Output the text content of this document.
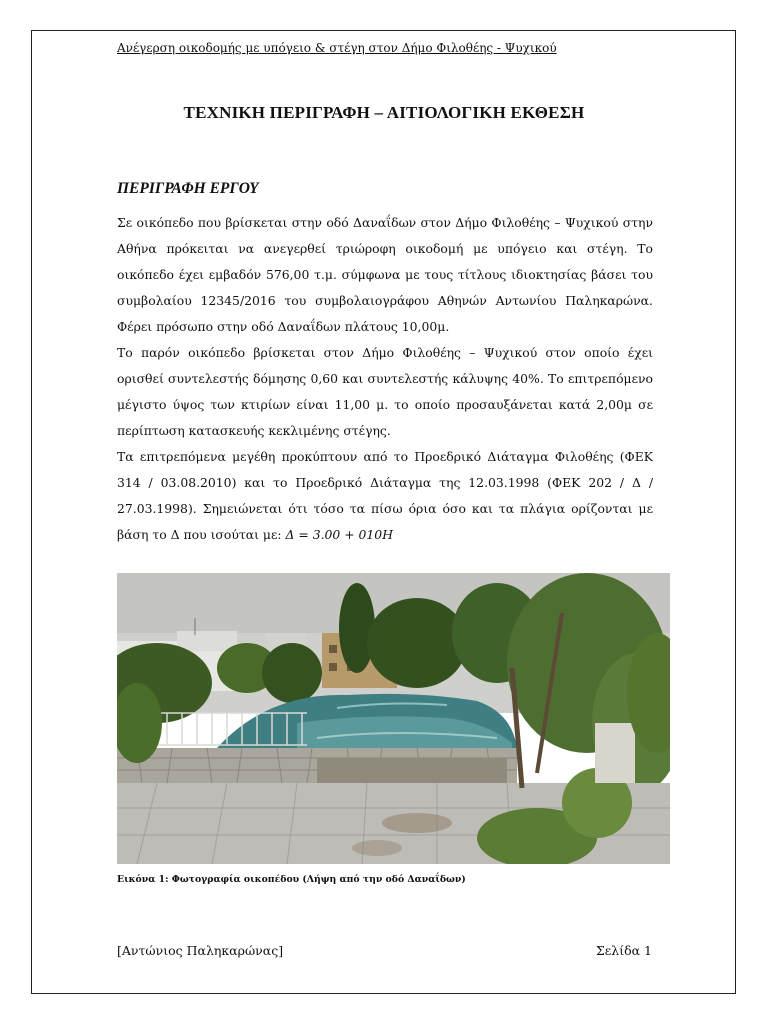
Ανέγερση οικοδομής με υπόγειο & στέγη στον Δήμο Φιλοθέης - Ψυχικού
ΤΕΧΝΙΚΗ ΠΕΡΙΓΡΑΦΗ – ΑΙΤΙΟΛΟΓΙΚΗ ΕΚΘΕΣΗ
ΠΕΡΙΓΡΑΦΗ ΕΡΓΟΥ

Σε οικόπεδο που βρίσκεται στην οδό Δαναΐδων στον Δήμο Φιλοθέης – Ψυχικού στην Αθήνα πρόκειται να ανεγερθεί τριώροφη οικοδομή με υπόγειο και στέγη. Το οικόπεδο έχει εμβαδόν 576,00 τ.μ. σύμφωνα με τους τίτλους ιδιοκτησίας βάσει του συμβολαίου 12345/2016 του συμβολαιογράφου Αθηνών Αντωνίου Παληκαρώνα. Φέρει πρόσωπο στην οδό Δαναΐδων πλάτους 10,00μ.

Το παρόν οικόπεδο βρίσκεται στον Δήμο Φιλοθέης – Ψυχικού στον οποίο έχει ορισθεί συντελεστής δόμησης 0,60 και συντελεστής κάλυψης 40%. Το επιτρεπόμενο μέγιστο ύψος των κτιρίων είναι 11,00 μ. το οποίο προσαυξάνεται κατά 2,00μ σε περίπτωση κατασκευής κεκλιμένης στέγης.

Τα επιτρεπόμενα μεγέθη προκύπτουν από το Προεδρικό Διάταγμα Φιλοθέης (ΦΕΚ 314 / 03.08.2010) και το Προεδρικό Διάταγμα της 12.03.1998 (ΦΕΚ 202 / Δ / 27.03.1998). Σημειώνεται ότι τόσο τα πίσω όρια όσο και τα πλάγια ορίζονται με βάση το Δ που ισούται με: Δ = 3.00 + 010Η

Εικόνα 1: Φωτογραφία οικοπέδου (Λήψη από την οδό Δαναΐδων)
[Αντώνιος Παληκαρώνας]	Σελίδα 1
